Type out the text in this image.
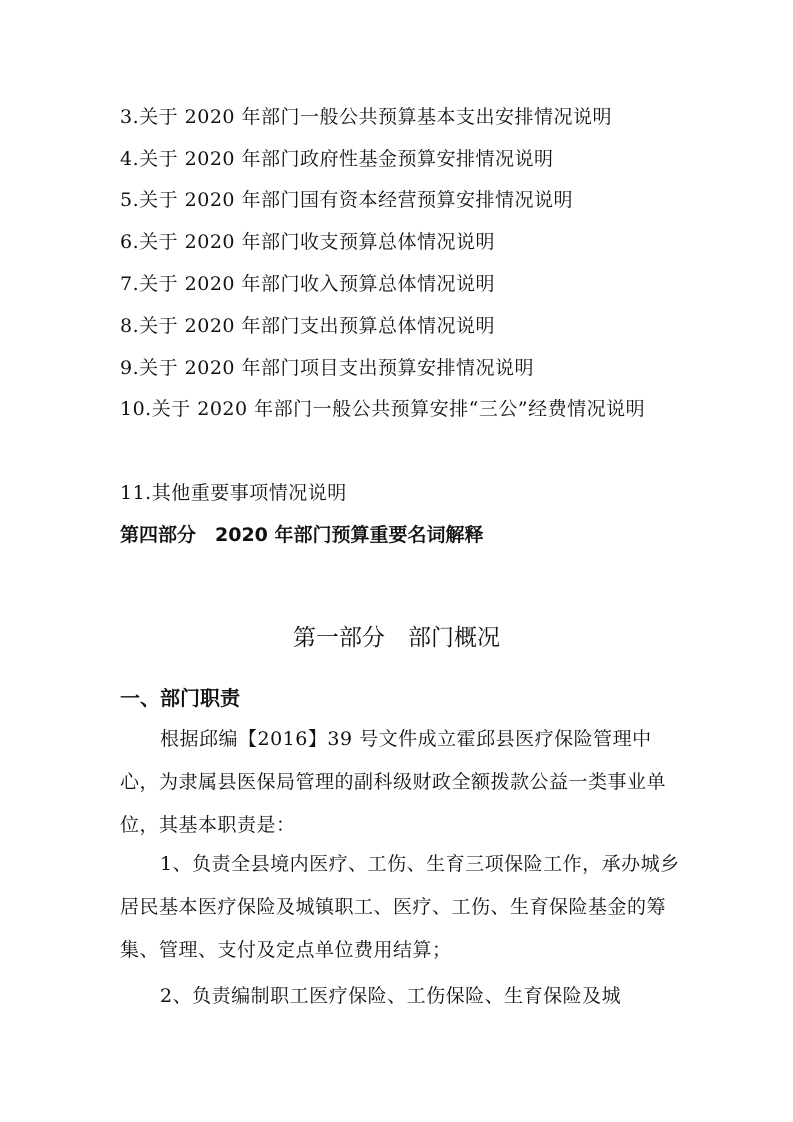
3.关于 2020 年部门一般公共预算基本支出安排情况说明
4.关于 2020 年部门政府性基金预算安排情况说明
5.关于 2020 年部门国有资本经营预算安排情况说明
6.关于 2020 年部门收支预算总体情况说明
7.关于 2020 年部门收入预算总体情况说明
8.关于 2020 年部门支出预算总体情况说明
9.关于 2020 年部门项目支出预算安排情况说明
10.关于 2020 年部门一般公共预算安排“三公”经费情况说明
11.其他重要事项情况说明
第四部分　2020 年部门预算重要名词解释
第一部分　部门概况
一、部门职责
根据邱编【2016】39 号文件成立霍邱县医疗保险管理中心，为隶属县医保局管理的副科级财政全额拨款公益一类事业单位，其基本职责是：
1、负责全县境内医疗、工伤、生育三项保险工作，承办城乡居民基本医疗保险及城镇职工、医疗、工伤、生育保险基金的筹集、管理、支付及定点单位费用结算；
2、负责编制职工医疗保险、工伤保险、生育保险及城
